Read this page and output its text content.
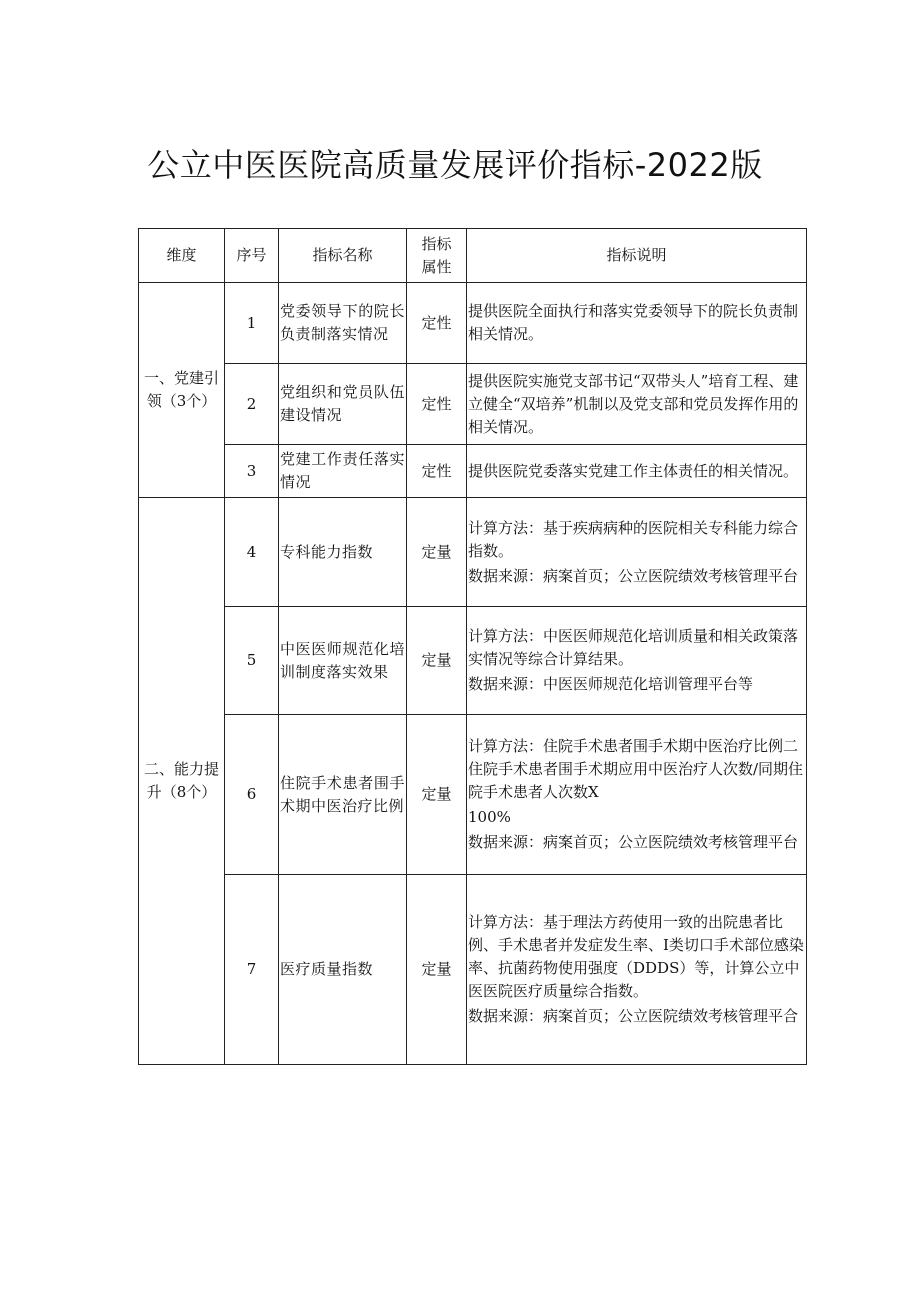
公立中医医院高质量发展评价指标-2022版
维度	序号	指标名称	指标属性	指标说明
一、党建引领（3个）	1	党委领导下的院长负责制落实情况	定性	提供医院全面执行和落实党委领导下的院长负责制相关情况。

	2	党组织和党员队伍建设情况	定性	提供医院实施党支部书记“双带头人”培育工程、建立健全“双培养”机制以及党支部和党员发挥作用的相关情况。

	3	党建工作责任落实情况	定性	提供医院党委落实党建工作主体责任的相关情况。

二、能力提升（8个）	4	专科能力指数	定量	计算方法：基于疾病病种的医院相关专科能力综合指数。

数据来源：病案首页；公立医院绩效考核管理平台

	5	中医医师规范化培训制度落实效果	定量	计算方法：中医医师规范化培训质量和相关政策落实情况等综合计算结果。

数据来源：中医医师规范化培训管理平台等

	6	住院手术患者围手术期中医治疗比例	定量	计算方法：住院手术患者围手术期中医治疗比例二住院手术患者围手术期应用中医治疗人次数/同期住院手术患者人次数X

100%

数据来源：病案首页；公立医院绩效考核管理平台

	7	医疗质量指数	定量	计算方法：基于理法方药使用一致的出院患者比例、手术患者并发症发生率、I类切口手术部位感染率、抗菌药物使用强度（DDDS）等，计算公立中医医院医疗质量综合指数。

数据来源：病案首页；公立医院绩效考核管理平合
